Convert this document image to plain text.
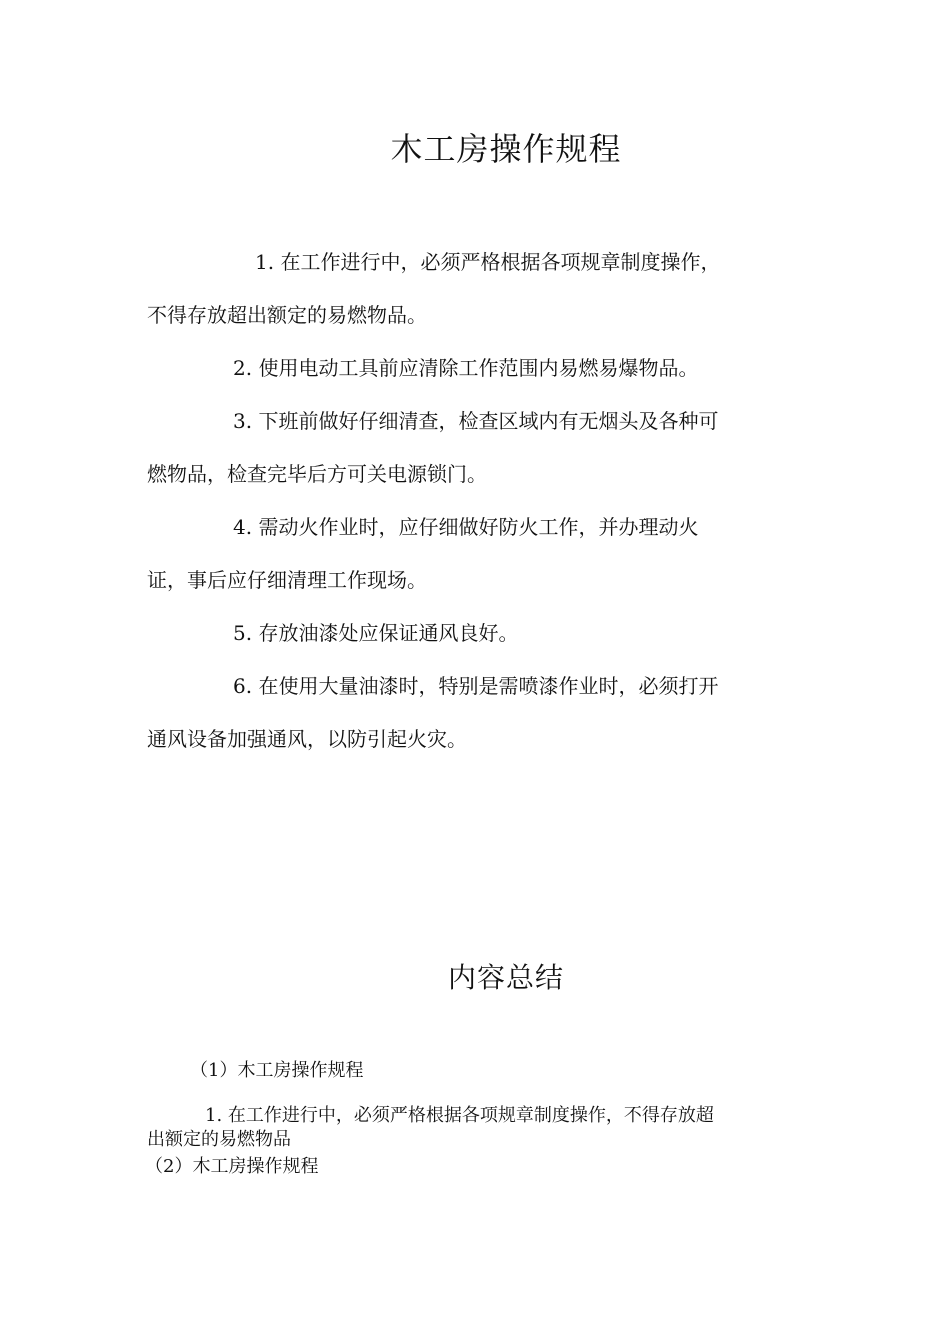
木工房操作规程
1. 在工作进行中，必须严格根据各项规章制度操作，
不得存放超出额定的易燃物品。
2. 使用电动工具前应清除工作范围内易燃易爆物品。
3. 下班前做好仔细清查，检查区域内有无烟头及各种可
燃物品，检查完毕后方可关电源锁门。
4. 需动火作业时，应仔细做好防火工作，并办理动火
证，事后应仔细清理工作现场。
5. 存放油漆处应保证通风良好。
6. 在使用大量油漆时，特别是需喷漆作业时，必须打开
通风设备加强通风，以防引起火灾。
内容总结
（1）木工房操作规程
1. 在工作进行中，必须严格根据各项规章制度操作，不得存放超
出额定的易燃物品
（2）木工房操作规程
